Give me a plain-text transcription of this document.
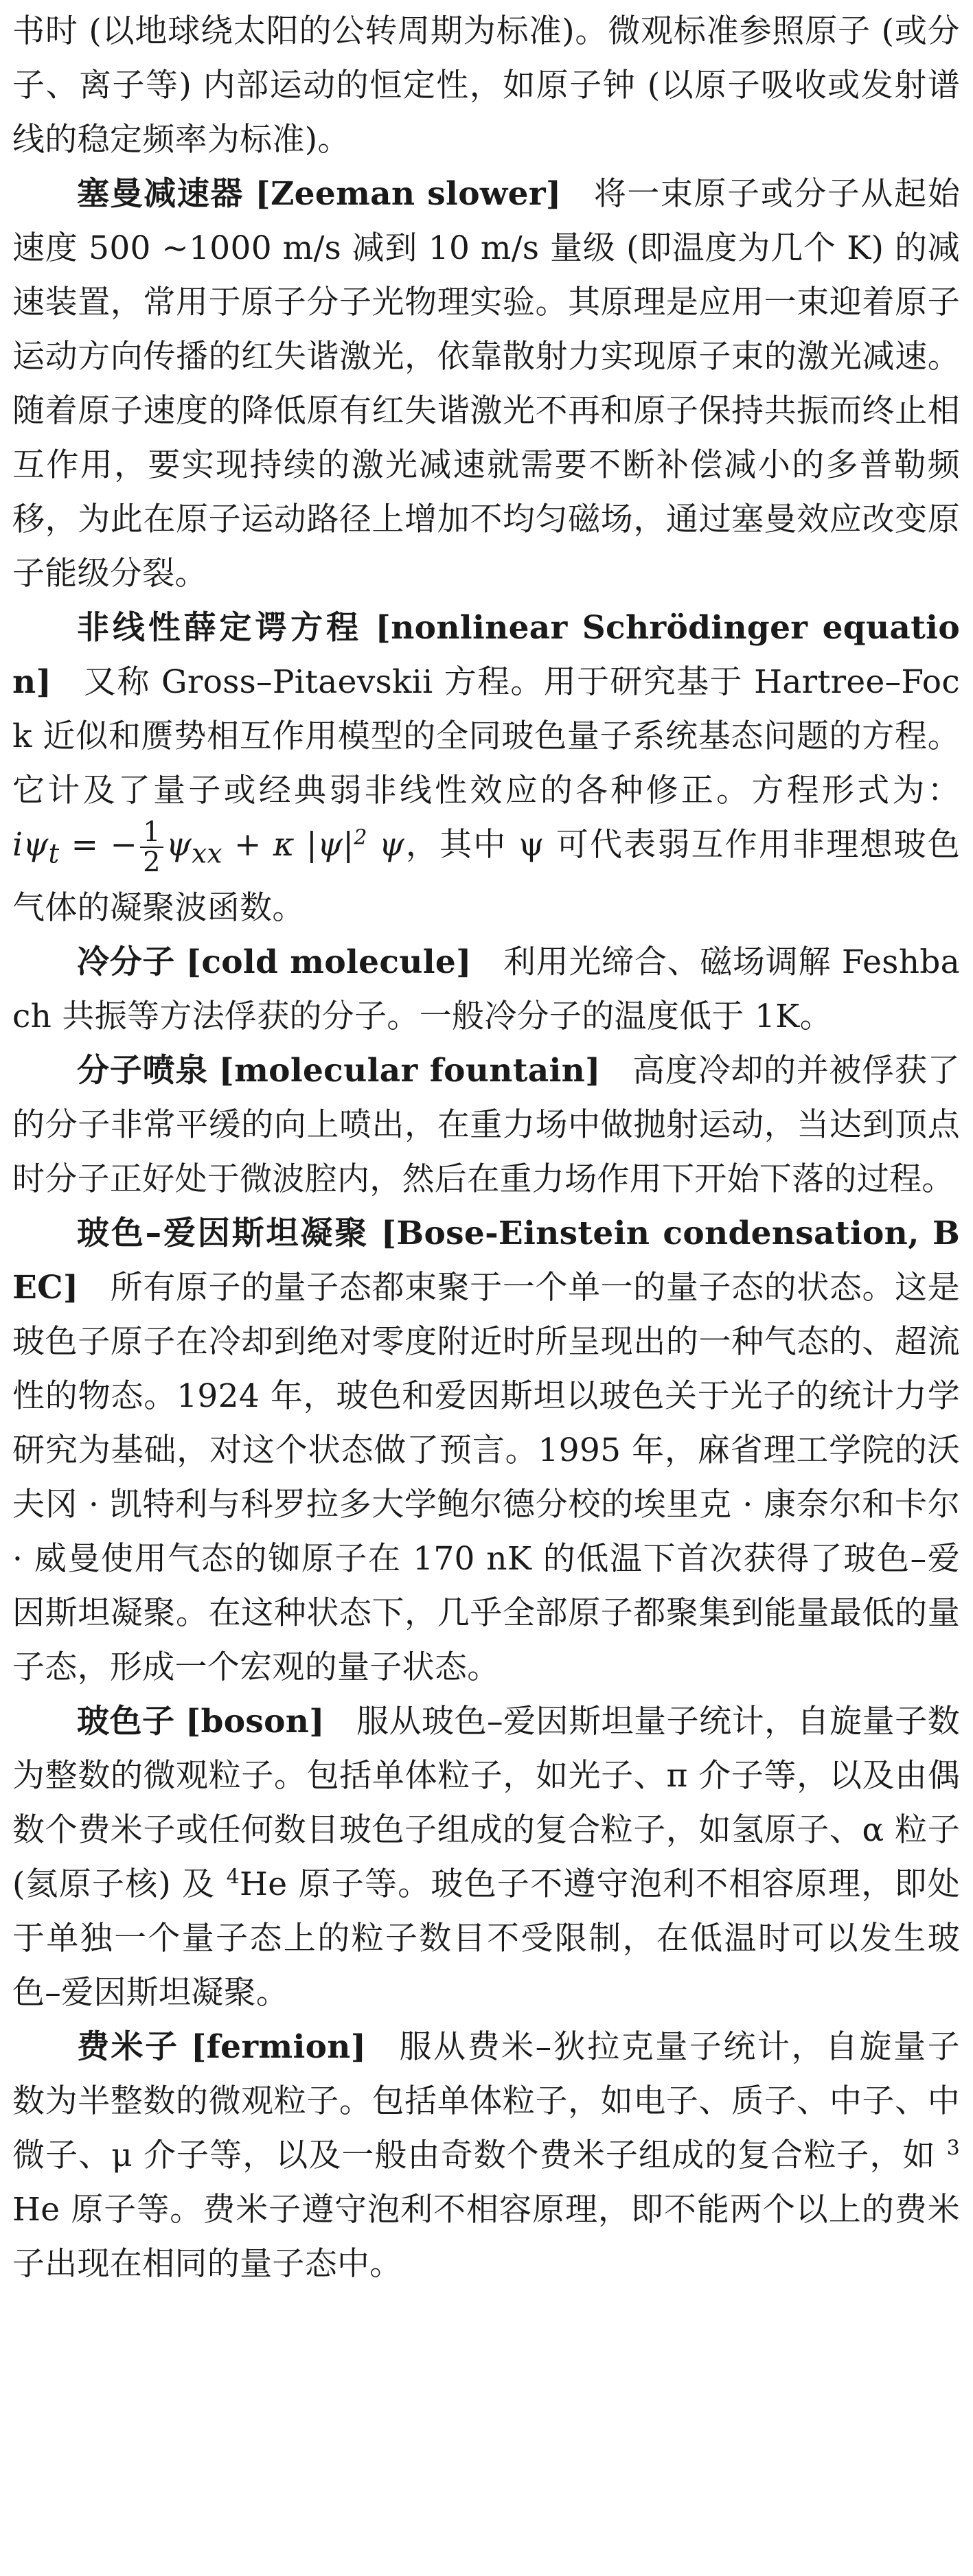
书时 (以地球绕太阳的公转周期为标准)。微观标准参照原子 (或分子、离子等) 内部运动的恒定性，如原子钟 (以原子吸收或发射谱线的稳定频率为标准)。

塞曼减速器 [Zeeman slower] 将一束原子或分子从起始速度 500 ∼1000 m/s 减到 10 m/s 量级 (即温度为几个 K) 的减速装置，常用于原子分子光物理实验。其原理是应用一束迎着原子运动方向传播的红失谐激光，依靠散射力实现原子束的激光减速。随着原子速度的降低原有红失谐激光不再和原子保持共振而终止相互作用，要实现持续的激光减速就需要不断补偿减小的多普勒频移，为此在原子运动路径上增加不均匀磁场，通过塞曼效应改变原子能级分裂。

非线性薛定谔方程 [nonlinear Schrödinger equation] 又称 Gross–Pitaevskii 方程。用于研究基于 Hartree–Fock 近似和赝势相互作用模型的全同玻色量子系统基态问题的方程。它计及了量子或经典弱非线性效应的各种修正。方程形式为：$i\psi_t$ = − $\frac{1}{2} \psi_{xx} + \kappa$ $|\psi|^2$ ψ，其中 ψ 可代表弱互作用非理想玻色气体的凝聚波函数。

冷分子 [cold molecule] 利用光缔合、磁场调解 Feshbach 共振等方法俘获的分子。一般冷分子的温度低于 1K。

分子喷泉 [molecular fountain] 高度冷却的并被俘获了的分子非常平缓的向上喷出，在重力场中做抛射运动，当达到顶点时分子正好处于微波腔内，然后在重力场作用下开始下落的过程。

玻色–爱因斯坦凝聚 [Bose-Einstein condensation, BEC] 所有原子的量子态都束聚于一个单一的量子态的状态。这是玻色子原子在冷却到绝对零度附近时所呈现出的一种气态的、超流性的物态。1924 年，玻色和爱因斯坦以玻色关于光子的统计力学研究为基础，对这个状态做了预言。1995 年，麻省理工学院的沃夫冈 · 凯特利与科罗拉多大学鲍尔德分校的埃里克 · 康奈尔和卡尔 · 威曼使用气态的铷原子在 170 nK 的低温下首次获得了玻色–爱因斯坦凝聚。在这种状态下，几乎全部原子都聚集到能量最低的量子态，形成一个宏观的量子状态。

玻色子 [boson] 服从玻色–爱因斯坦量子统计，自旋量子数为整数的微观粒子。包括单体粒子，如光子、π 介子等，以及由偶数个费米子或任何数目玻色子组成的复合粒子，如氢原子、α 粒子 (氦原子核) 及 $^4$He 原子等。玻色子不遵守泡利不相容原理，即处于单独一个量子态上的粒子数目不受限制，在低温时可以发生玻色–爱因斯坦凝聚。

费米子 [fermion] 服从费米–狄拉克量子统计，自旋量子数为半整数的微观粒子。包括单体粒子，如电子、质子、中子、中微子、μ 介子等，以及一般由奇数个费米子组成的复合粒子，如 $^3$He 原子等。费米子遵守泡利不相容原理，即不能两个以上的费米子出现在相同的量子态中。
